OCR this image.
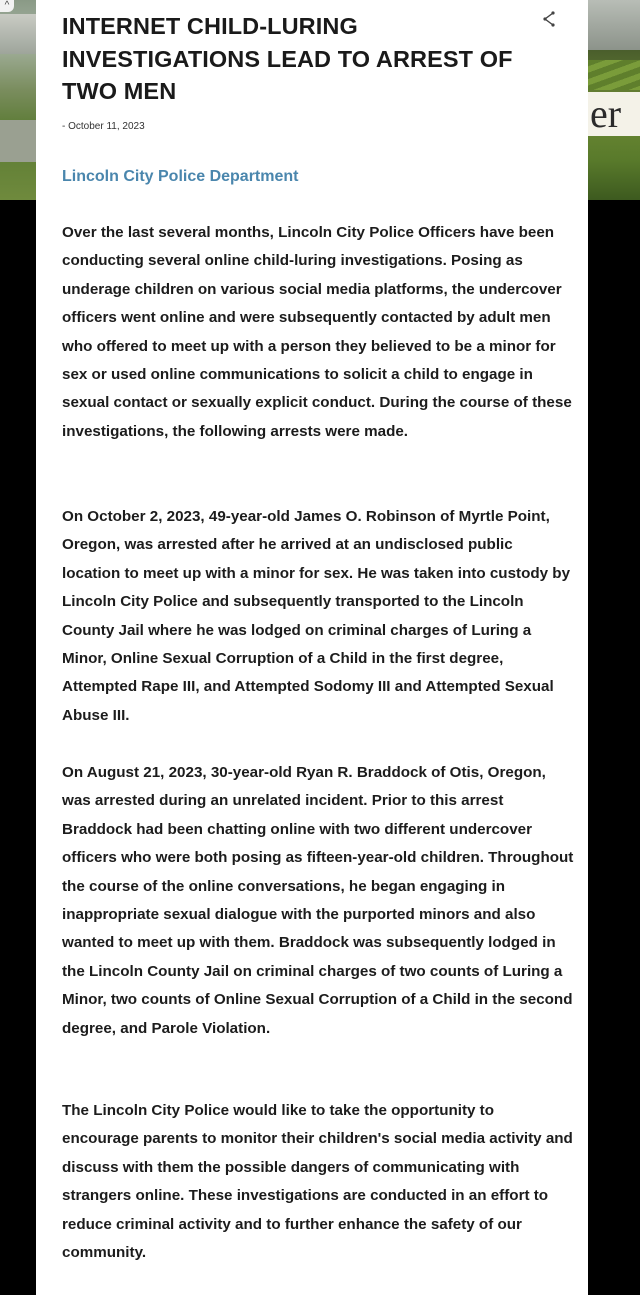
^
er
INTERNET CHILD-LURING INVESTIGATIONS LEAD TO ARREST OF TWO MEN
- October 11, 2023
Lincoln City Police Department

Over the last several months, Lincoln City Police Officers have been conducting several online child-luring investigations. Posing as underage children on various social media platforms, the undercover officers went online and were subsequently contacted by adult men who offered to meet up with a person they believed to be a minor for sex or used online communications to solicit a child to engage in sexual contact or sexually explicit conduct. During the course of these investigations, the following arrests were made.

On October 2, 2023, 49-year-old James O. Robinson of Myrtle Point, Oregon, was arrested after he arrived at an undisclosed public location to meet up with a minor for sex. He was taken into custody by Lincoln City Police and subsequently transported to the Lincoln County Jail where he was lodged on criminal charges of Luring a Minor, Online Sexual Corruption of a Child in the first degree, Attempted Rape III, and Attempted Sodomy III and Attempted Sexual Abuse III.

On August 21, 2023, 30-year-old Ryan R. Braddock of Otis, Oregon, was arrested during an unrelated incident. Prior to this arrest Braddock had been chatting online with two different undercover officers who were both posing as fifteen-year-old children. Throughout the course of the online conversations, he began engaging in inappropriate sexual dialogue with the purported minors and also wanted to meet up with them. Braddock was subsequently lodged in the Lincoln County Jail on criminal charges of two counts of Luring a Minor, two counts of Online Sexual Corruption of a Child in the second degree, and Parole Violation.

The Lincoln City Police would like to take the opportunity to encourage parents to monitor their children's social media activity and discuss with them the possible dangers of communicating with strangers online. These investigations are conducted in an effort to reduce criminal activity and to further enhance the safety of our community.
